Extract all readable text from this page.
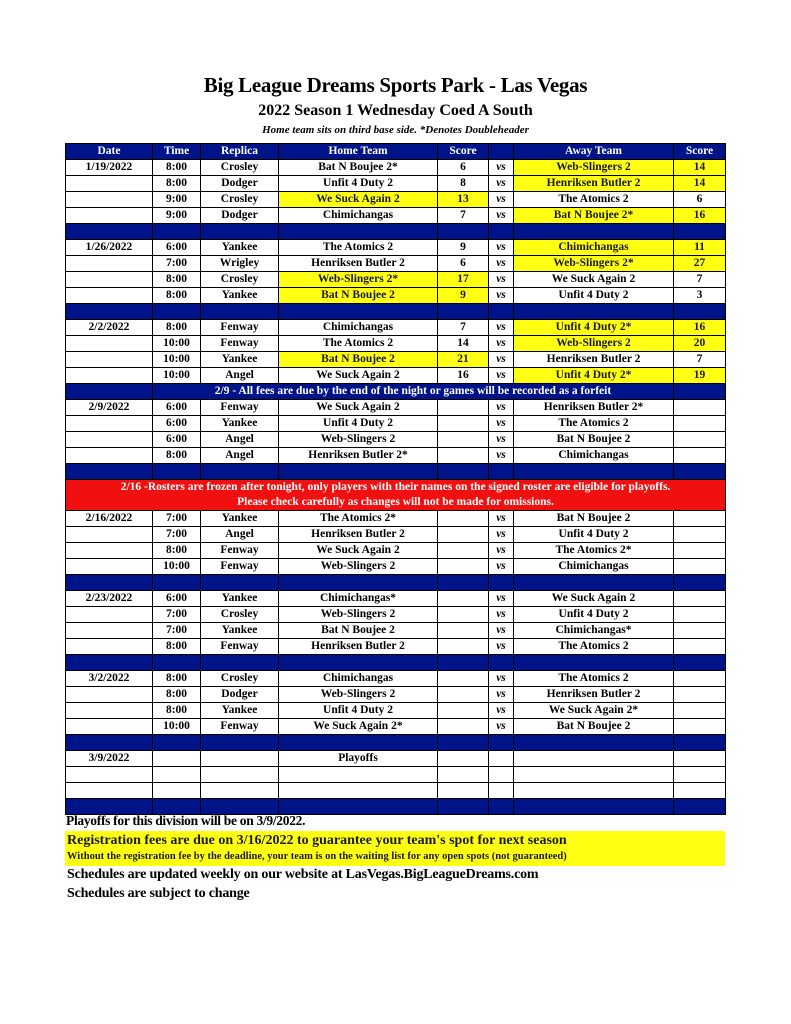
Big League Dreams Sports Park - Las Vegas
2022 Season 1 Wednesday Coed A South
Home team sits on third base side. *Denotes Doubleheader
Date	Time	Replica	Home Team	Score		Away Team	Score
1/19/2022	8:00	Crosley	Bat N Boujee 2*	6	vs	Web-Slingers 2	14
	8:00	Dodger	Unfit 4 Duty 2	8	vs	Henriksen Butler 2	14
	9:00	Crosley	We Suck Again 2	13	vs	The Atomics 2	6
	9:00	Dodger	Chimichangas	7	vs	Bat N Boujee 2*	16

1/26/2022	6:00	Yankee	The Atomics 2	9	vs	Chimichangas	11
	7:00	Wrigley	Henriksen Butler 2	6	vs	Web-Slingers 2*	27
	8:00	Crosley	Web-Slingers 2*	17	vs	We Suck Again 2	7
	8:00	Yankee	Bat N Boujee 2	9	vs	Unfit 4 Duty 2	3

2/2/2022	8:00	Fenway	Chimichangas	7	vs	Unfit 4 Duty 2*	16
	10:00	Fenway	The Atomics 2	14	vs	Web-Slingers 2	20
	10:00	Yankee	Bat N Boujee 2	21	vs	Henriksen Butler 2	7
	10:00	Angel	We Suck Again 2	16	vs	Unfit 4 Duty 2*	19
	2/9 - All fees are due by the end of the night or games will be recorded as a forfeit						
2/9/2022	6:00	Fenway	We Suck Again 2		vs	Henriksen Butler 2*	
	6:00	Yankee	Unfit 4 Duty 2		vs	The Atomics 2	
	6:00	Angel	Web-Slingers 2		vs	Bat N Boujee 2	
	8:00	Angel	Henriksen Butler 2*		vs	Chimichangas	

2/16 -Rosters are frozen after tonight, only players with their names on the signed roster are eligible for playoffs.
Please check carefully as changes will not be made for omissions.							

2/16/2022	7:00	Yankee	The Atomics 2*		vs	Bat N Boujee 2	
	7:00	Angel	Henriksen Butler 2		vs	Unfit 4 Duty 2	
	8:00	Fenway	We Suck Again 2		vs	The Atomics 2*	
	10:00	Fenway	Web-Slingers 2		vs	Chimichangas	

2/23/2022	6:00	Yankee	Chimichangas*		vs	We Suck Again 2	
	7:00	Crosley	Web-Slingers 2		vs	Unfit 4 Duty 2	
	7:00	Yankee	Bat N Boujee 2		vs	Chimichangas*	
	8:00	Fenway	Henriksen Butler 2		vs	The Atomics 2	

3/2/2022	8:00	Crosley	Chimichangas		vs	The Atomics 2	
	8:00	Dodger	Web-Slingers 2		vs	Henriksen Butler 2	
	8:00	Yankee	Unfit 4 Duty 2		vs	We Suck Again 2*	
	10:00	Fenway	We Suck Again 2*		vs	Bat N Boujee 2	

3/9/2022			Playoffs				

Playoffs for this division will be on 3/9/2022.
Registration fees are due on 3/16/2022 to guarantee your team's spot for next season
Without the registration fee by the deadline, your team is on the waiting list for any open spots (not guaranteed)
Schedules are updated weekly on our website at LasVegas.BigLeagueDreams.com
Schedules are subject to change
